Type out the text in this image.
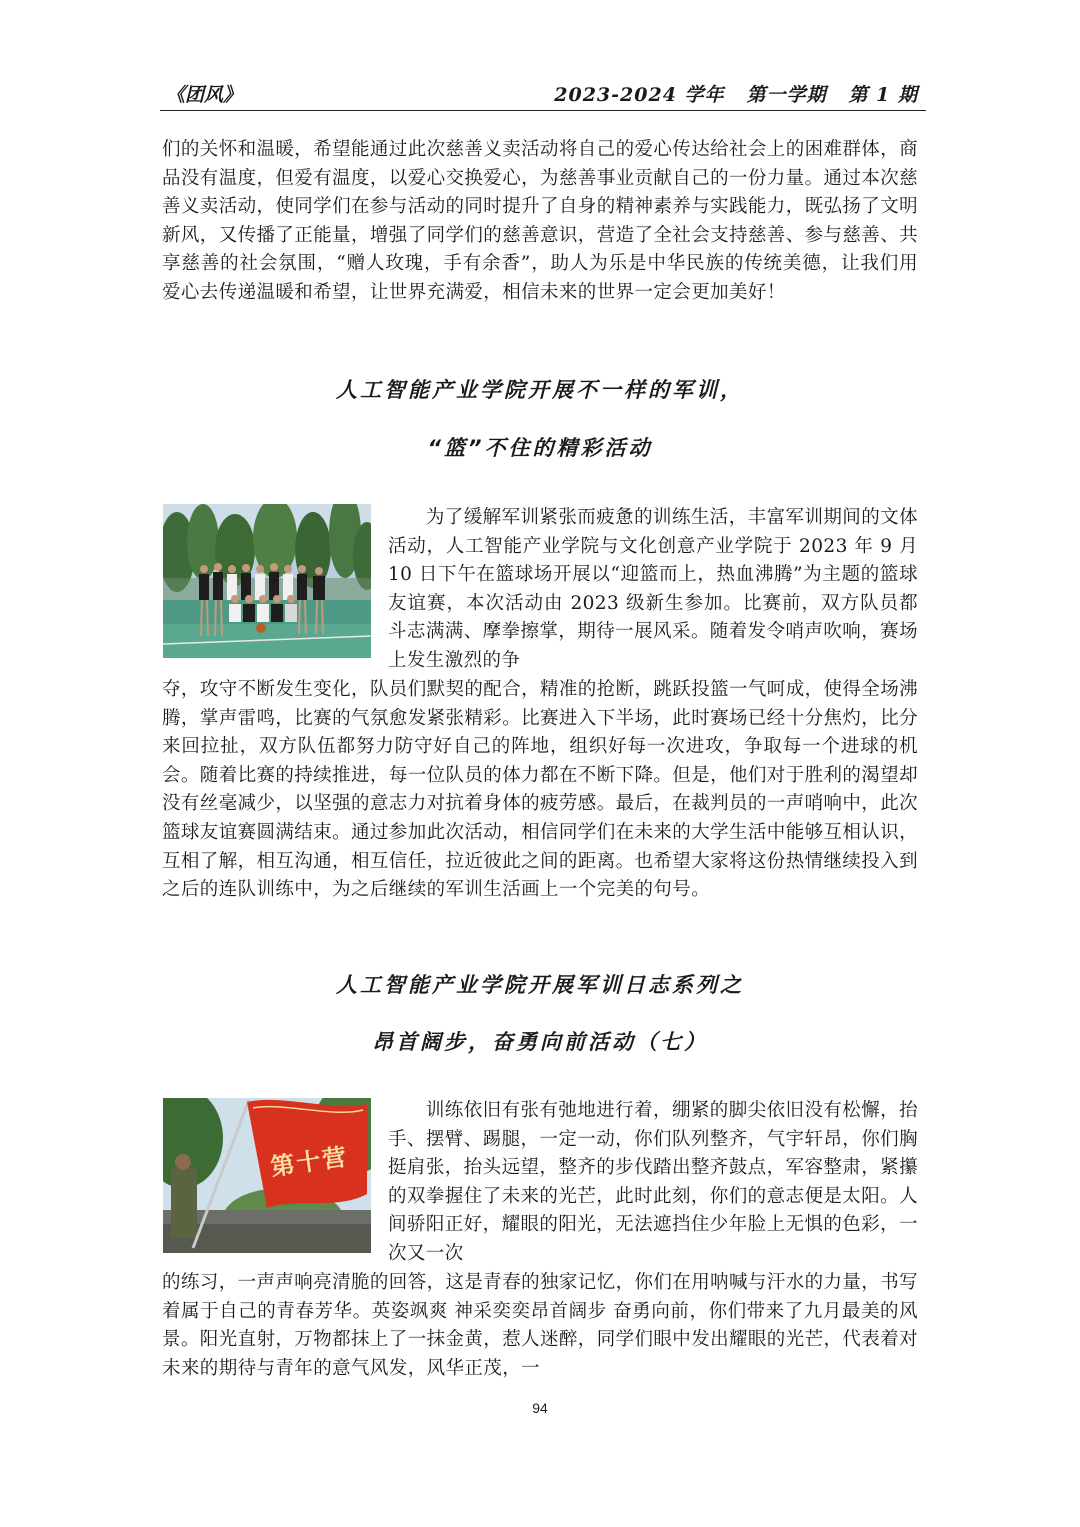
《团风》	2023-2024 学年 第一学期 第 1 期

们的关怀和温暖，希望能通过此次慈善义卖活动将自己的爱心传达给社会上的困难群体，商品没有温度，但爱有温度，以爱心交换爱心，为慈善事业贡献自己的一份力量。通过本次慈善义卖活动，使同学们在参与活动的同时提升了自身的精神素养与实践能力，既弘扬了文明新风，又传播了正能量，增强了同学们的慈善意识，营造了全社会支持慈善、参与慈善、共享慈善的社会氛围，“赠人玫瑰，手有余香”，助人为乐是中华民族的传统美德，让我们用爱心去传递温暖和希望，让世界充满爱，相信未来的世界一定会更加美好！

人工智能产业学院开展不一样的军训，

“篮”不住的精彩活动

　　为了缓解军训紧张而疲惫的训练生活，丰富军训期间的文体活动，人工智能产业学院与文化创意产业学院于 2023 年 9 月 10 日下午在篮球场开展以“迎篮而上，热血沸腾”为主题的篮球友谊赛，本次活动由 2023 级新生参加。比赛前，双方队员都斗志满满、摩拳擦掌，期待一展风采。随着发令哨声吹响，赛场上发生激烈的争

夺，攻守不断发生变化，队员们默契的配合，精准的抢断，跳跃投篮一气呵成，使得全场沸腾，掌声雷鸣，比赛的气氛愈发紧张精彩。比赛进入下半场，此时赛场已经十分焦灼，比分来回拉扯，双方队伍都努力防守好自己的阵地，组织好每一次进攻，争取每一个进球的机会。随着比赛的持续推进，每一位队员的体力都在不断下降。但是，他们对于胜利的渴望却没有丝毫减少，以坚强的意志力对抗着身体的疲劳感。最后，在裁判员的一声哨响中，此次篮球友谊赛圆满结束。通过参加此次活动，相信同学们在未来的大学生活中能够互相认识，互相了解，相互沟通，相互信任，拉近彼此之间的距离。也希望大家将这份热情继续投入到之后的连队训练中，为之后继续的军训生活画上一个完美的句号。

人工智能产业学院开展军训日志系列之

昂首阔步，奋勇向前活动（七）

第十营

　　训练依旧有张有弛地进行着，绷紧的脚尖依旧没有松懈，抬手、摆臂、踢腿，一定一动，你们队列整齐，气宇轩昂，你们胸挺肩张，抬头远望，整齐的步伐踏出整齐鼓点，军容整肃，紧攥的双拳握住了未来的光芒，此时此刻，你们的意志便是太阳。人间骄阳正好，耀眼的阳光，无法遮挡住少年脸上无惧的色彩，一次又一次

的练习，一声声响亮清脆的回答，这是青春的独家记忆，你们在用呐喊与汗水的力量，书写着属于自己的青春芳华。英姿飒爽 神采奕奕昂首阔步 奋勇向前，你们带来了九月最美的风景。阳光直射，万物都抹上了一抹金黄，惹人迷醉，同学们眼中发出耀眼的光芒，代表着对未来的期待与青年的意气风发，风华正茂，一

94
